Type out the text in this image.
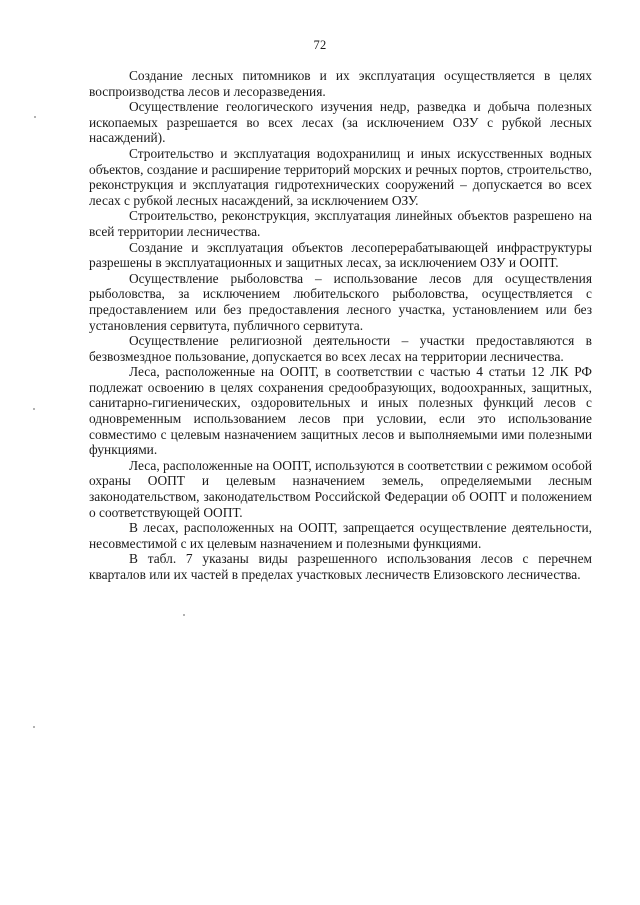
72

Создание лесных питомников и их эксплуатация осуществляется в целях воспроизводства лесов и лесоразведения.

Осуществление геологического изучения недр, разведка и добыча полезных ископаемых разрешается во всех лесах (за исключением ОЗУ с рубкой лесных насаждений).

Строительство и эксплуатация водохранилищ и иных искусственных водных объектов, создание и расширение территорий морских и речных портов, строительство, реконструкция и эксплуатация гидротехнических сооружений – допускается во всех лесах с рубкой лесных насаждений, за исключением ОЗУ.

Строительство, реконструкция, эксплуатация линейных объектов разрешено на всей территории лесничества.

Создание и эксплуатация объектов лесоперерабатывающей инфраструктуры разрешены в эксплуатационных и защитных лесах, за исключением ОЗУ и ООПТ.

Осуществление рыболовства – использование лесов для осуществления рыболовства, за исключением любительского рыболовства, осуществляется с предоставлением или без предоставления лесного участка, установлением или без установления сервитута, публичного сервитута.

Осуществление религиозной деятельности – участки предоставляются в безвозмездное пользование, допускается во всех лесах на территории лесничества.

Леса, расположенные на ООПТ, в соответствии с частью 4 статьи 12 ЛК РФ подлежат освоению в целях сохранения средообразующих, водоохранных, защитных, санитарно-гигиенических, оздоровительных и иных полезных функций лесов с одновременным использованием лесов при условии, если это использование совместимо с целевым назначением защитных лесов и выполняемыми ими полезными функциями.

Леса, расположенные на ООПТ, используются в соответствии с режимом особой охраны ООПТ и целевым назначением земель, определяемыми лесным законодательством, законодательством Российской Федерации об ООПТ и положением о соответствующей ООПТ.

В лесах, расположенных на ООПТ, запрещается осуществление деятельности, несовместимой с их целевым назначением и полезными функциями.

В табл. 7 указаны виды разрешенного использования лесов с перечнем кварталов или их частей в пределах участковых лесничеств Елизовского лесничества.
